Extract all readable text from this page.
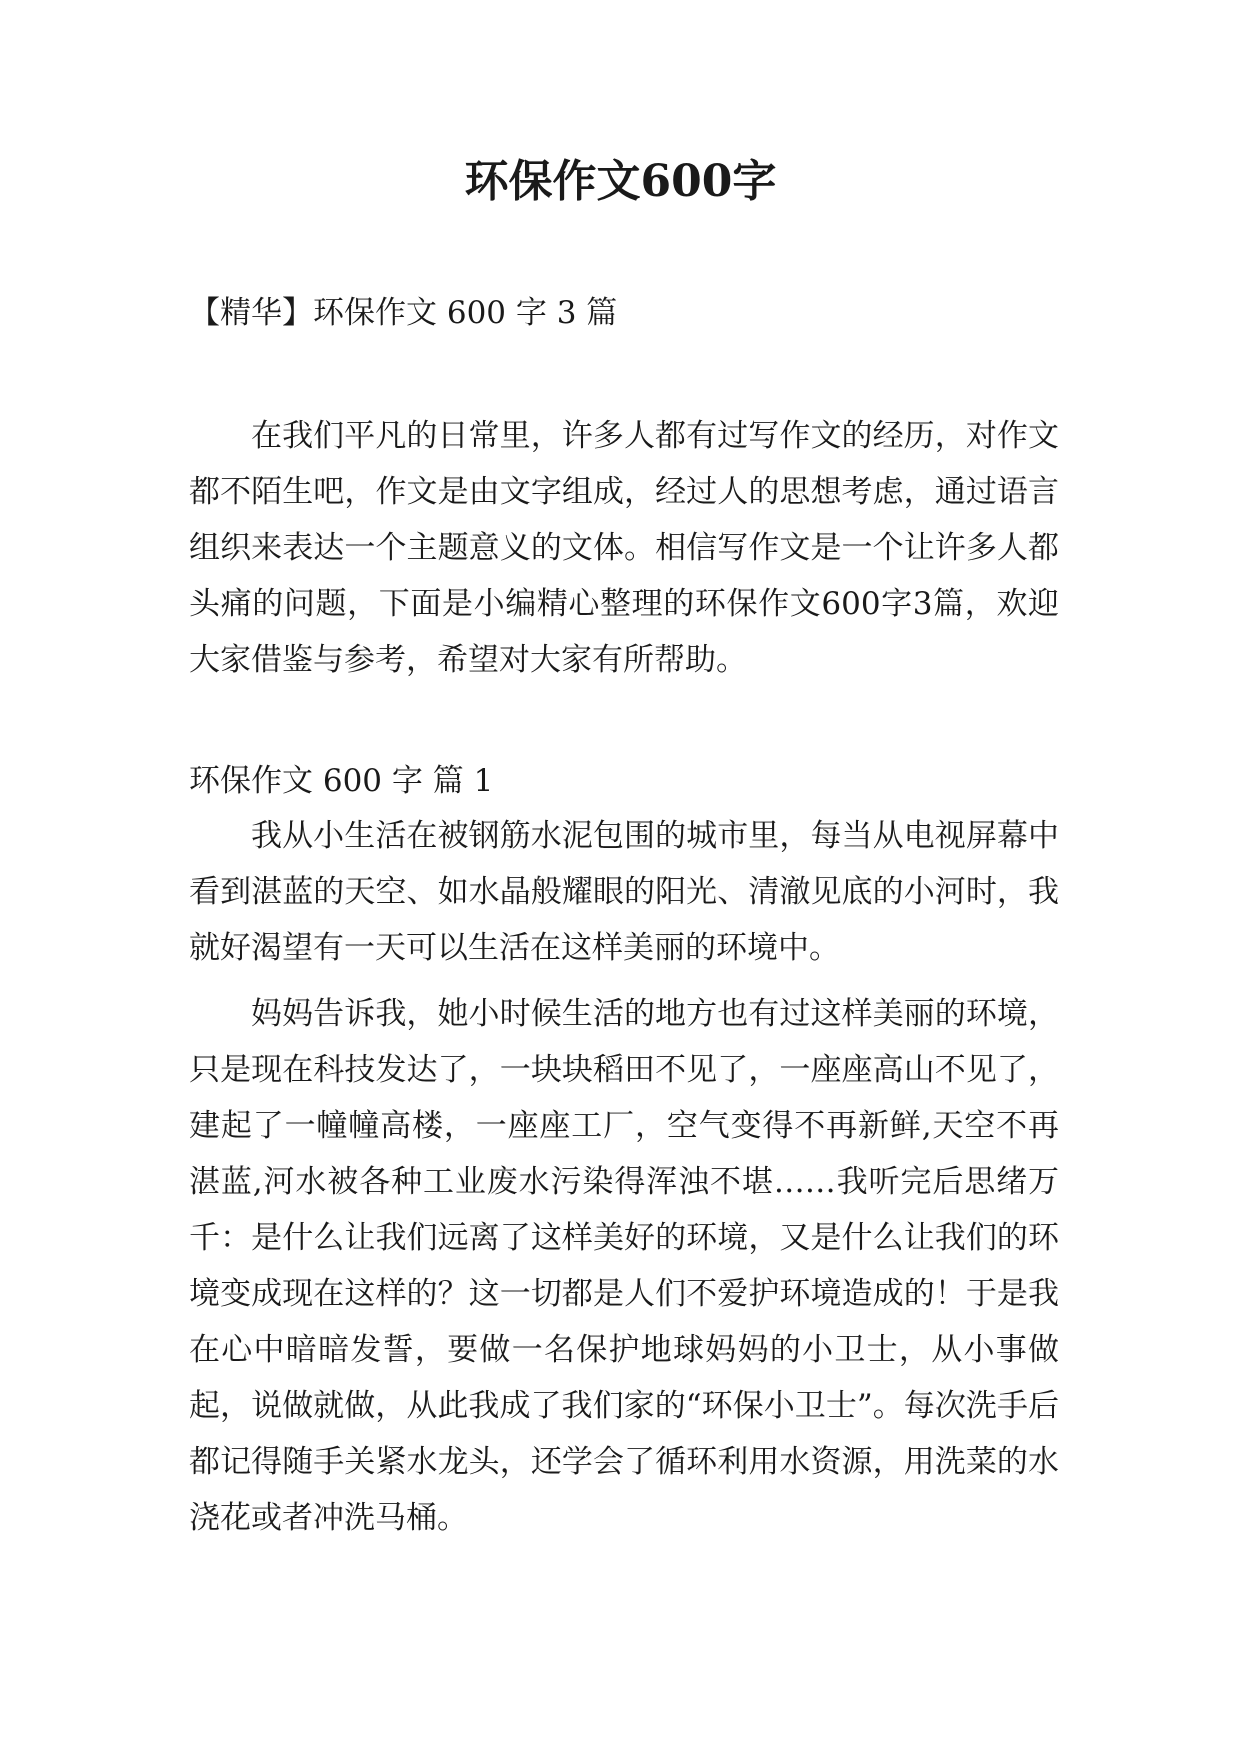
环保作文600字

【精华】环保作文 600 字 3 篇

在我们平凡的日常里，许多人都有过写作文的经历，对作文都不陌生吧，作文是由文字组成，经过人的思想考虑，通过语言组织来表达一个主题意义的文体。相信写作文是一个让许多人都头痛的问题，下面是小编精心整理的环保作文600字3篇，欢迎大家借鉴与参考，希望对大家有所帮助。

环保作文 600 字 篇 1

我从小生活在被钢筋水泥包围的城市里，每当从电视屏幕中看到湛蓝的天空、如水晶般耀眼的阳光、清澈见底的小河时，我就好渴望有一天可以生活在这样美丽的环境中。

妈妈告诉我，她小时候生活的地方也有过这样美丽的环境，只是现在科技发达了，一块块稻田不见了，一座座高山不见了，建起了一幢幢高楼，一座座工厂，空气变得不再新鲜,天空不再湛蓝,河水被各种工业废水污染得浑浊不堪……我听完后思绪万千：是什么让我们远离了这样美好的环境，又是什么让我们的环境变成现在这样的？这一切都是人们不爱护环境造成的！于是我在心中暗暗发誓，要做一名保护地球妈妈的小卫士，从小事做起，说做就做，从此我成了我们家的“环保小卫士”。每次洗手后都记得随手关紧水龙头，还学会了循环利用水资源，用洗菜的水浇花或者冲洗马桶。
